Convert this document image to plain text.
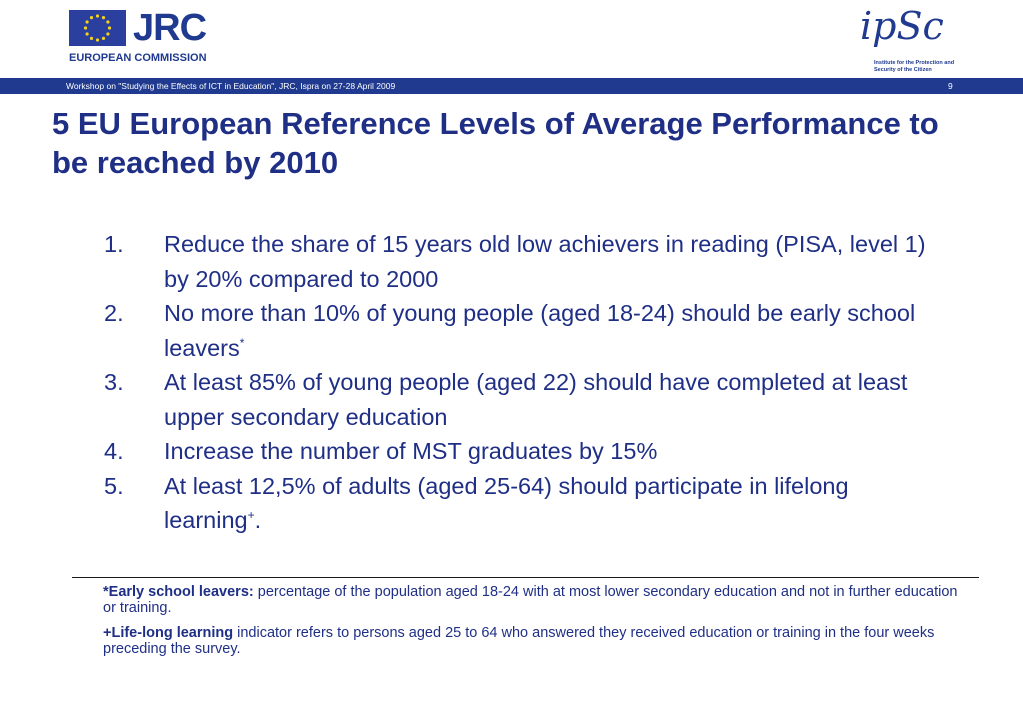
JRC
EUROPEAN COMMISSION
ipSc
Institute for the Protection and Security of the Citizen
Workshop on "Studying the Effects of ICT in Education", JRC, Ispra on 27-28 April 2009	9
5 EU European Reference Levels of Average Performance to be reached by 2010
1. Reduce the share of 15 years old low achievers in reading (PISA, level 1) by 20% compared to 2000
2. No more than 10% of young people (aged 18-24) should be early school leavers*
3. At least 85% of young people (aged 22) should have completed at least upper secondary education
4. Increase the number of MST graduates by 15%
5. At least 12,5% of adults (aged 25-64) should participate in lifelong learning+.

*Early school leavers: percentage of the population aged 18-24 with at most lower secondary education and not in further education or training.

+Life-long learning indicator refers to persons aged 25 to 64 who answered they received education or training in the four weeks preceding the survey.
